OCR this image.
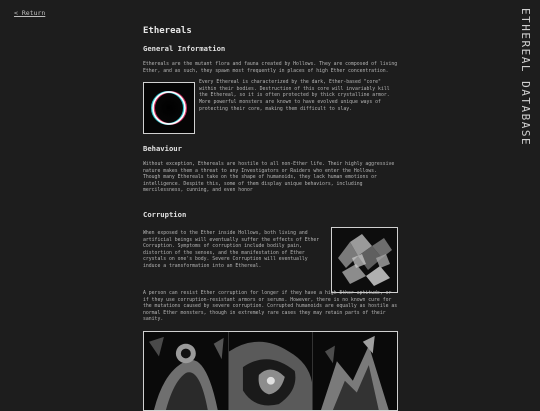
< Return	ETHEREAL DATABASE
Ethereals
General Information

Ethereals are the mutant flora and fauna created by Hollows. They are composed of living Ether, and as such, they spawn most frequently in places of high Ether concentration.

Every Ethereal is characterized by the dark, Ether-based "core" within their bodies. Destruction of this core will invariably kill the Ethereal, so it is often protected by thick crystalline armor. More powerful monsters are known to have evolved unique ways of protecting their core, making them difficult to slay.

Behaviour

Without exception, Ethereals are hostile to all non-Ether life. Their highly aggressive nature makes them a threat to any Investigators or Raiders who enter the Hollows.

Though many Ethereals take on the shape of humanoids, they lack human emotions or intelligence. Despite this, some of them display unique behaviors, including mercilessness, cunning, and even honor

Corruption

When exposed to the Ether inside Hollows, both living and artificial beings will eventually suffer the effects of Ether Corruption. Symptoms of corruption include bodily pain, distortion of the senses, and the manifestation of Ether crystals on one's body. Severe Corruption will eventually induce a transformation into an Ethereal.

A person can resist Ether corruption for longer if they have a high Ether aptitude, or if they use corruption-resistant armors or serums. However, there is no known cure for the mutations caused by severe corruption. Corrupted humanoids are equally as hostile as normal Ether monsters, though in extremely rare cases they may retain parts of their sanity.
